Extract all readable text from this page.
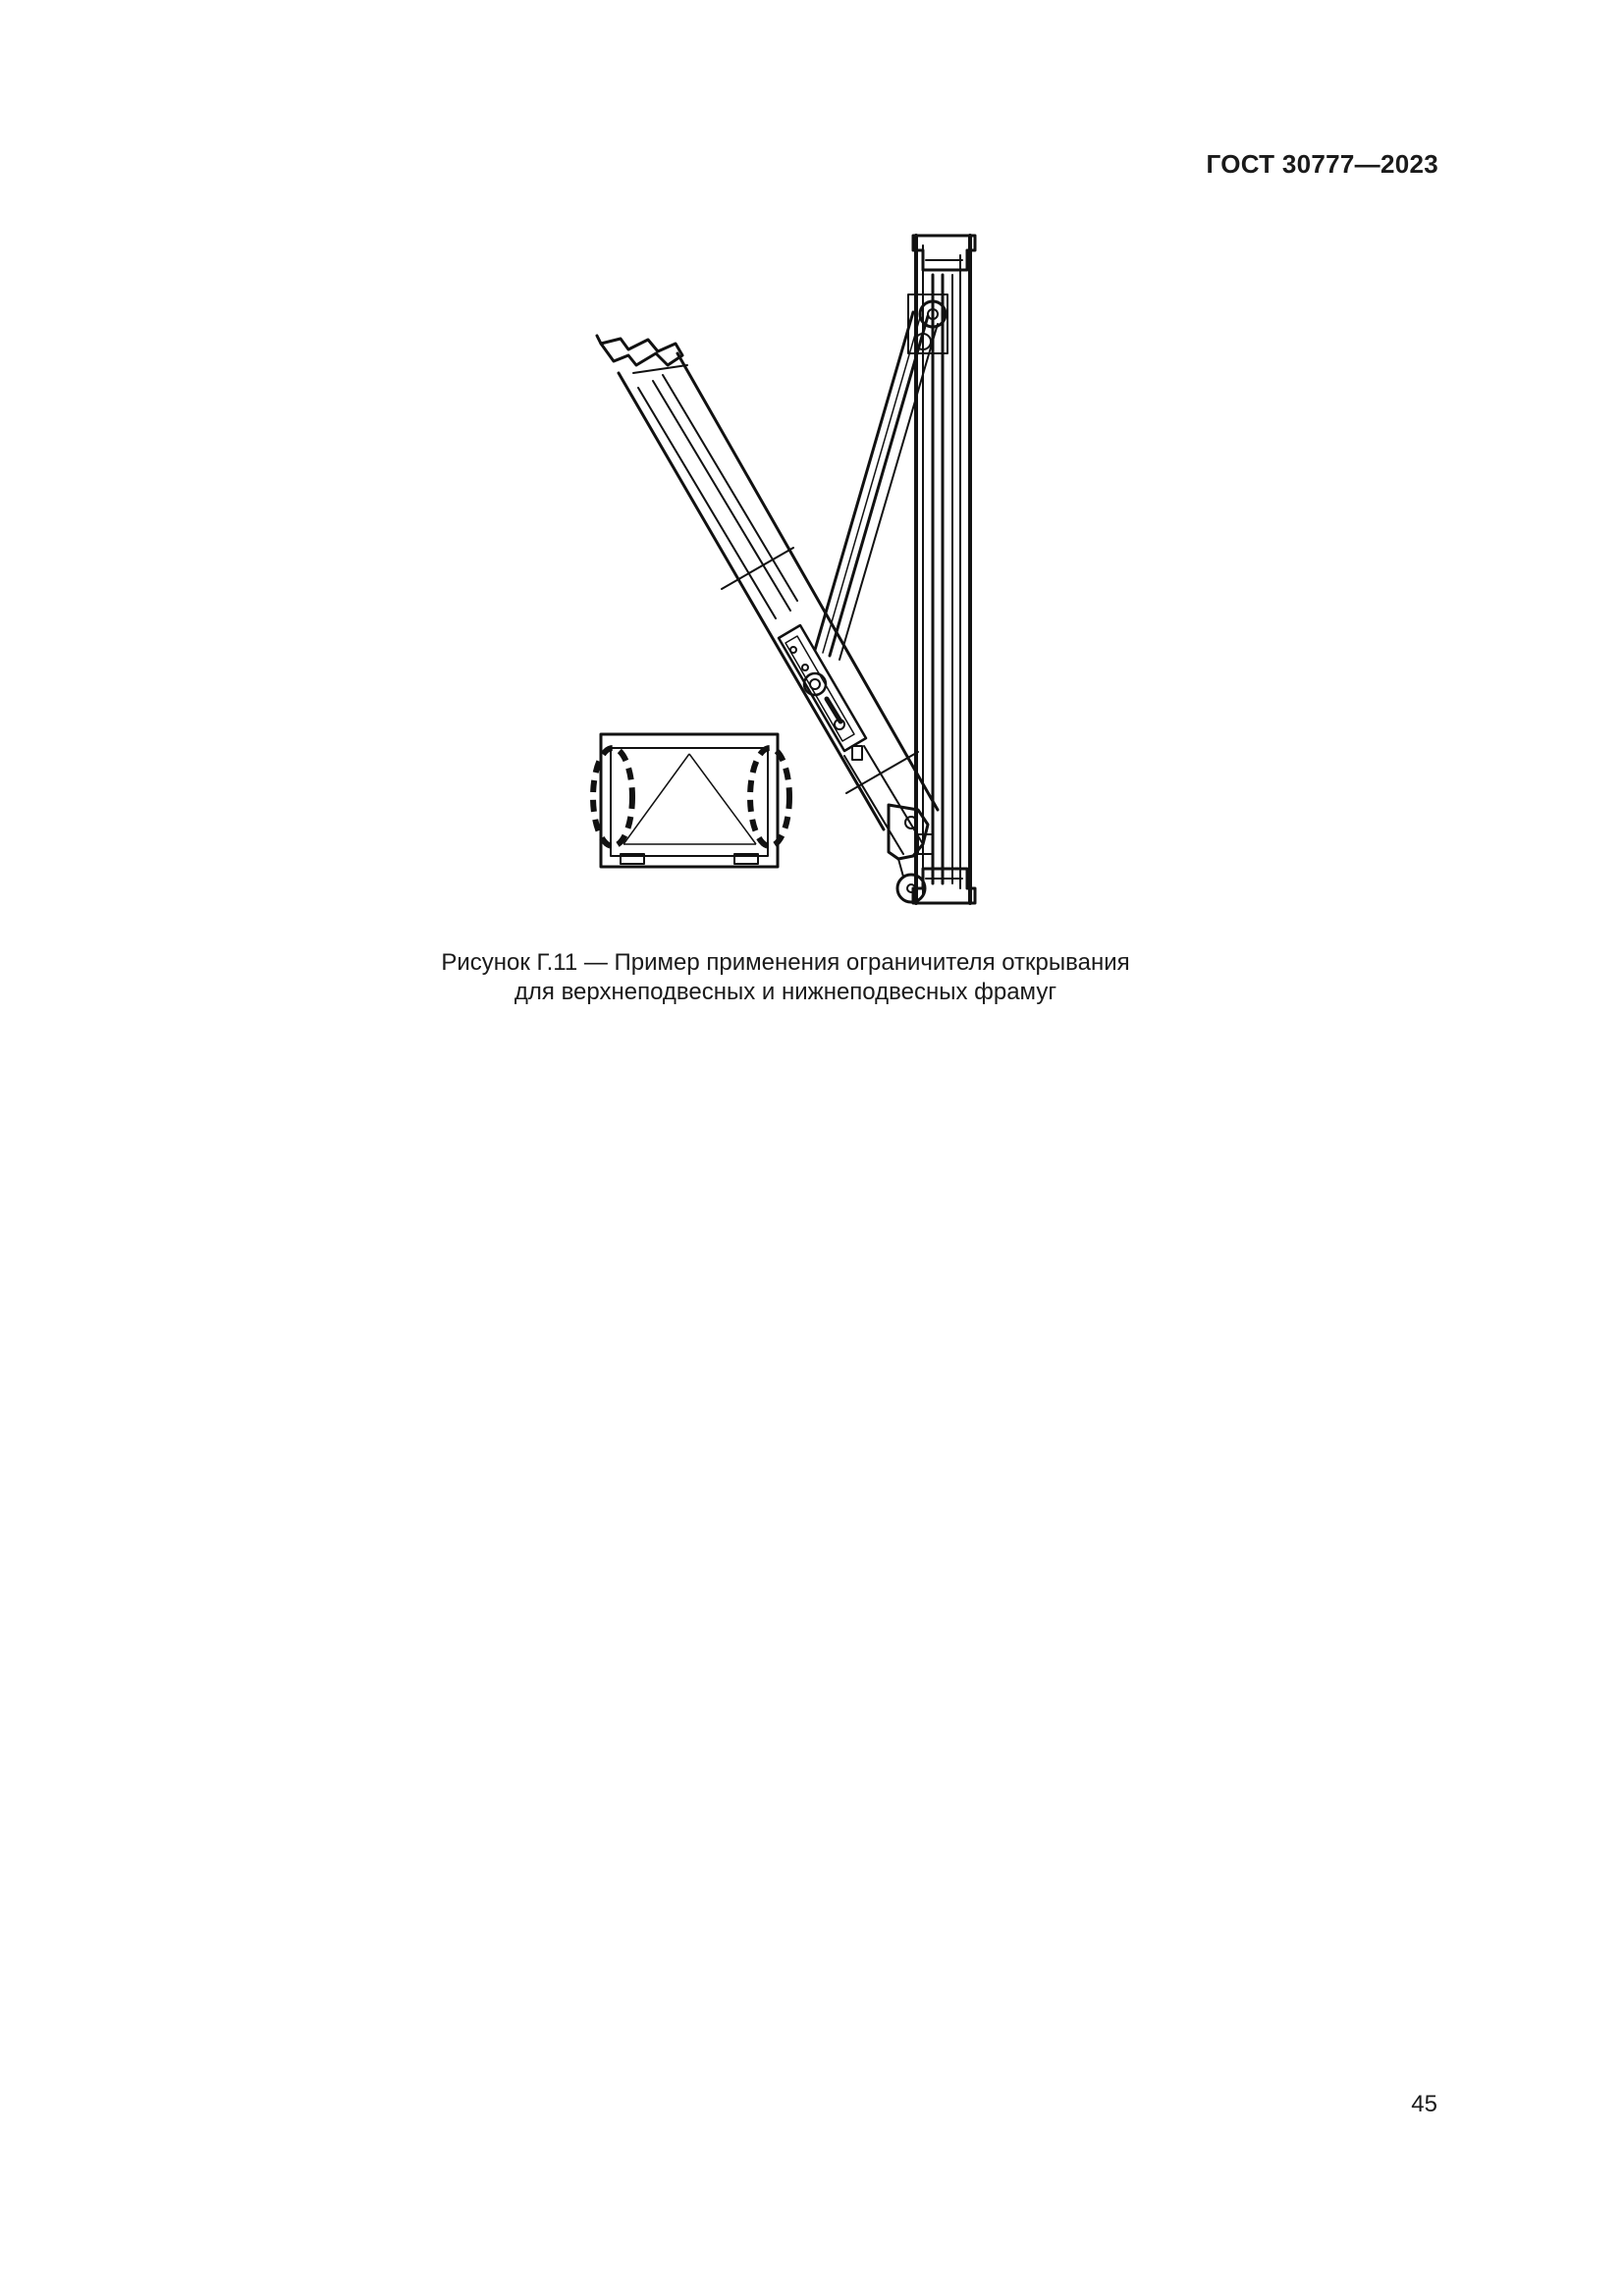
ГОСТ 30777—2023
Рисунок Г.11 — Пример применения ограничителя открывания
для верхнеподвесных и нижнеподвесных фрамуг
45
